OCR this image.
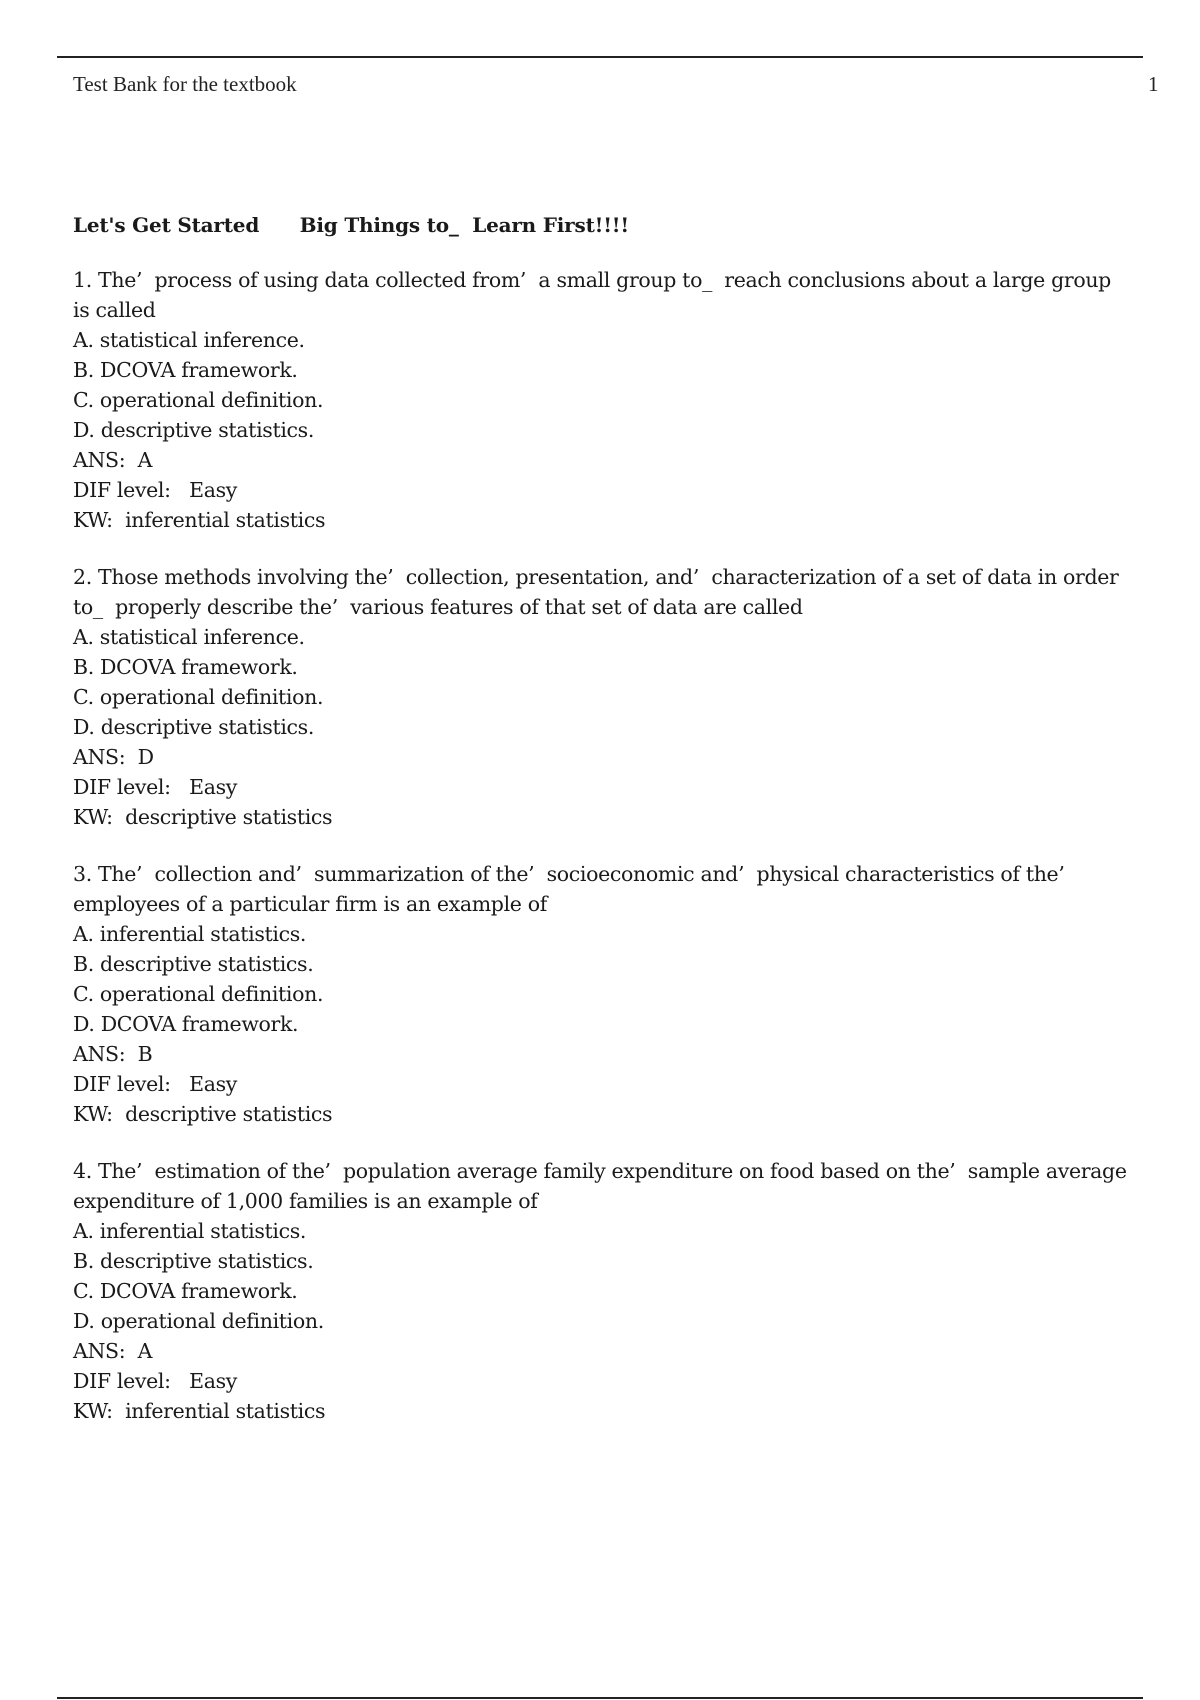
Test Bank for the textbook	1
Let's Get Started      Big Things to_  Learn First!!!!
1. The’  process of using data collected from’  a small group to_  reach conclusions about a large group is called
A. statistical inference.
B. DCOVA framework.
C. operational definition.
D. descriptive statistics.
ANS:  A
DIF level:   Easy
KW:  inferential statistics
2. Those methods involving the’  collection, presentation, and’  characterization of a set of data in order to_  properly describe the’  various features of that set of data are called
A. statistical inference.
B. DCOVA framework.
C. operational definition.
D. descriptive statistics.
ANS:  D
DIF level:   Easy
KW:  descriptive statistics
3. The’  collection and’  summarization of the’  socioeconomic and’  physical characteristics of the’  employees of a particular firm is an example of
A. inferential statistics.
B. descriptive statistics.
C. operational definition.
D. DCOVA framework.
ANS:  B
DIF level:   Easy
KW:  descriptive statistics
4. The’  estimation of the’  population average family expenditure on food based on the’  sample average expenditure of 1,000 families is an example of
A. inferential statistics.
B. descriptive statistics.
C. DCOVA framework.
D. operational definition.
ANS:  A
DIF level:   Easy
KW:  inferential statistics
